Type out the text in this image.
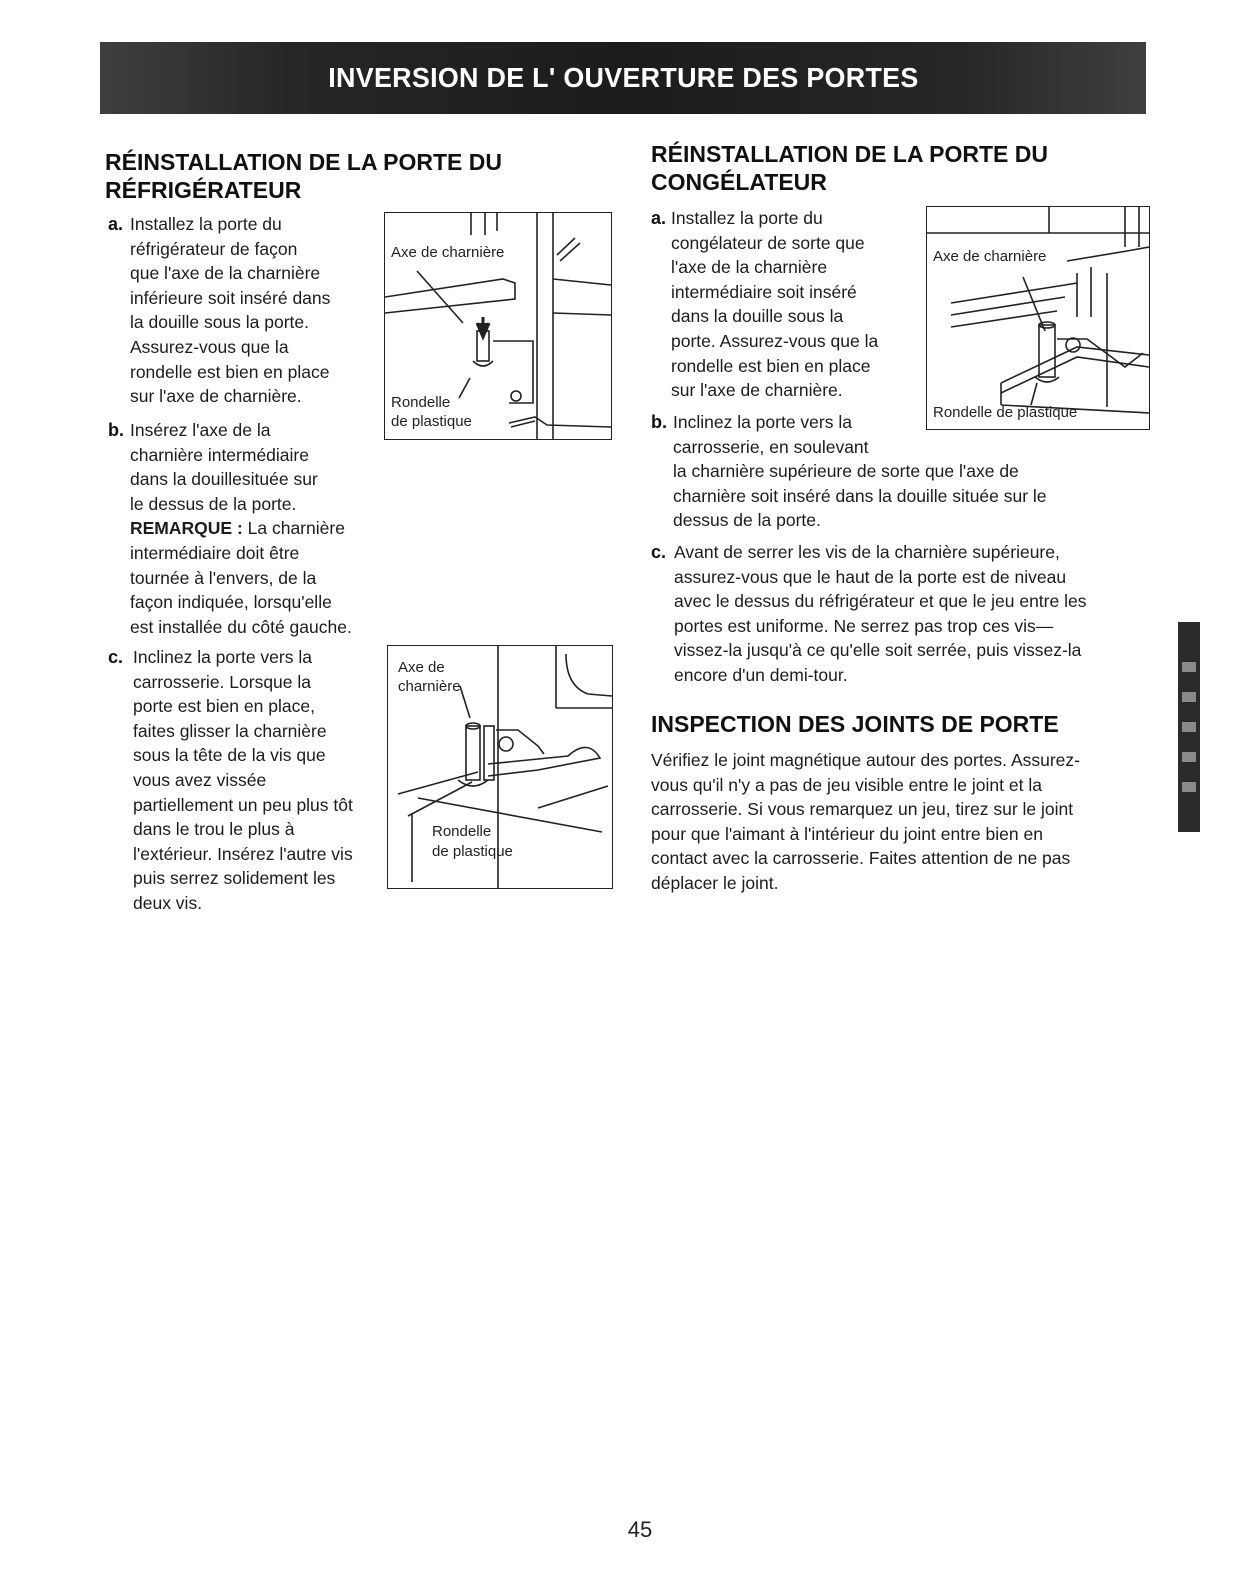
INVERSION DE L' OUVERTURE DES PORTES
RÉINSTALLATION DE LA PORTE DU
RÉFRIGÉRATEUR
a. Installez la porte du
réfrigérateur de façon
que l'axe de la charnière
inférieure soit inséré dans
la douille sous la porte.
Assurez-vous que la
rondelle est bien en place
sur l'axe de charnière.
b. Insérez l'axe de la
charnière intermédiaire
dans la douillesituée sur
le dessus de la porte.
REMARQUE : La charnière
intermédiaire doit être
tournée à l'envers, de la
façon indiquée, lorsqu'elle
est installée du côté gauche.
c. Inclinez la porte vers la
carrosserie. Lorsque la
porte est bien en place,
faites glisser la charnière
sous la tête de la vis que
vous avez vissée
partiellement un peu plus tôt
dans le trou le plus à
l'extérieur. Insérez l'autre vis
puis serrez solidement les
deux vis.
Axe de charnière
Rondelle
de plastique
Axe de
charnière
Rondelle
de plastique
RÉINSTALLATION DE LA PORTE DU
CONGÉLATEUR
a. Installez la porte du
congélateur de sorte que
l'axe de la charnière
intermédiaire soit inséré
dans la douille sous la
porte. Assurez-vous que la
rondelle est bien en place
sur l'axe de charnière.
Axe de charnière
Rondelle de plastique
b. Inclinez la porte vers la
carrosserie, en soulevant
la charnière supérieure de sorte que l'axe de
charnière soit inséré dans la douille située sur le
dessus de la porte.
c. Avant de serrer les vis de la charnière supérieure,
assurez-vous que le haut de la porte est de niveau
avec le dessus du réfrigérateur et que le jeu entre les
portes est uniforme. Ne serrez pas trop ces vis—
vissez-la jusqu'à ce qu'elle soit serrée, puis vissez-la
encore d'un demi-tour.
INSPECTION DES JOINTS DE PORTE
Vérifiez le joint magnétique autour des portes. Assurez-
vous qu'il n'y a pas de jeu visible entre le joint et la
carrosserie. Si vous remarquez un jeu, tirez sur le joint
pour que l'aimant à l'intérieur du joint entre bien en
contact avec la carrosserie. Faites attention de ne pas
déplacer le joint.
45
